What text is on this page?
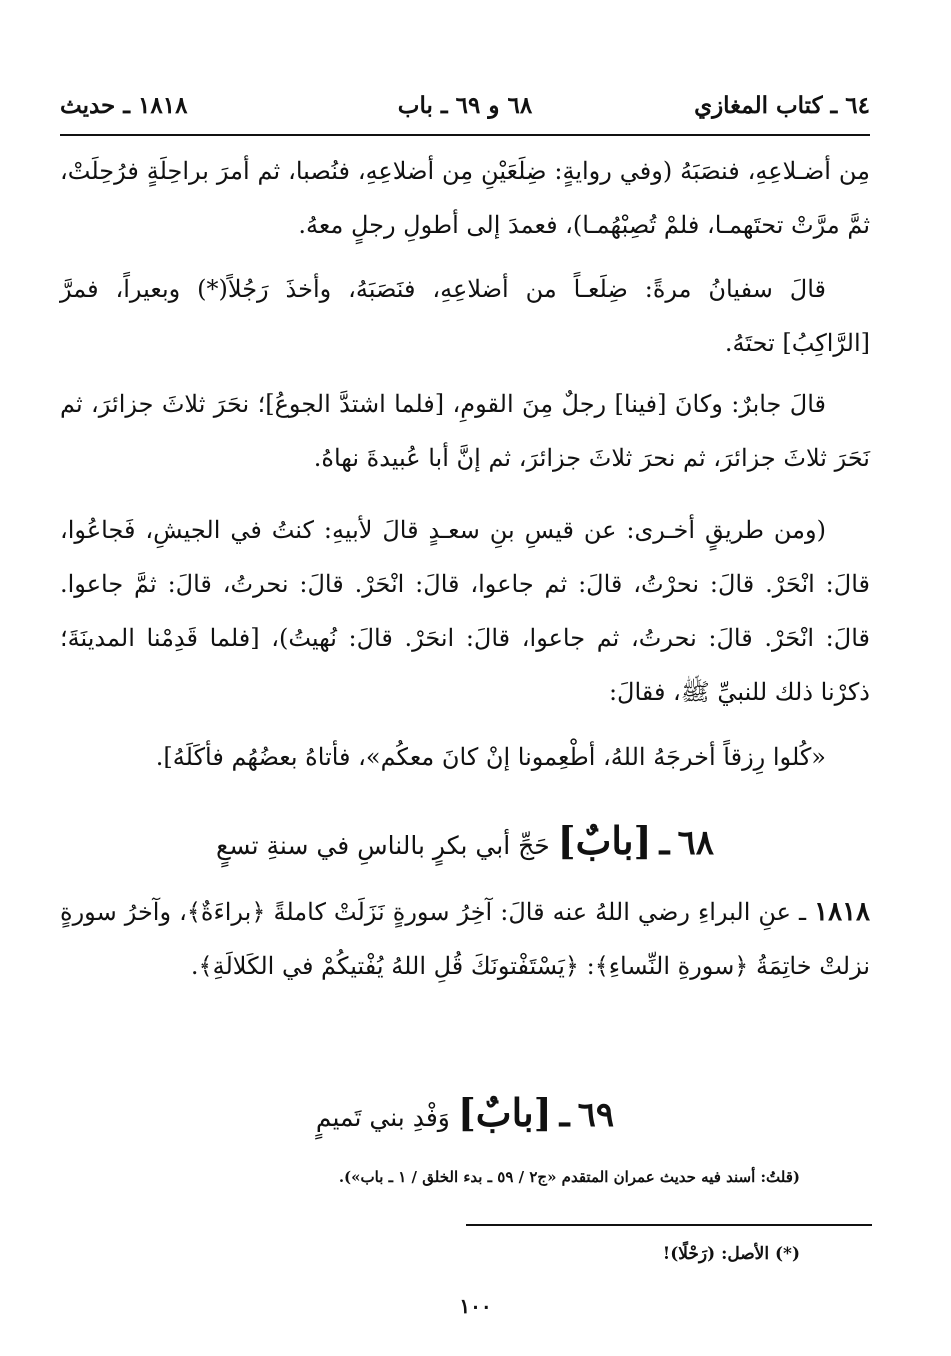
٦٤ ـ كتاب المغازي
٦٨ و ٦٩ ـ باب
١٨١٨ ـ حديث

مِن أضـلاعِهِ، فنصَبَهُ (وفي روايةٍ: ضِلَعَيْنِ مِن أضلاعِهِ، فنُصبا، ثم أمرَ براحِلَةٍ فرُحِلَتْ، ثمَّ مرَّتْ تحتَهمـا، فلمْ تُصِبْهُمـا)، فعمدَ إلى أطولِ رجلٍ معهُ.

قالَ سفيانُ مرةً: ضِلَعـاً من أضلاعِهِ، فنَصَبَهُ، وأخذَ رَجُلاً(*) وبعيراً، فمرَّ [الرَّاكِبُ] تحتَهُ.

قالَ جابرٌ: وكانَ [فينا] رجلٌ مِنَ القومِ، [فلما اشتدَّ الجوعُ]؛ نحَرَ ثلاثَ جزائرَ، ثم نَحَرَ ثلاثَ جزائرَ، ثم نحرَ ثلاثَ جزائرَ، ثم إنَّ أبا عُبيدةَ نهاهُ.

(ومن طريقٍ أخـرى: عن قيسِ بنِ سعـدٍ قالَ لأبيهِ: كنتُ في الجيشِ، فَجاعُوا، قالَ: انْحَرْ. قالَ: نحرْتُ، قالَ: ثم جاعوا، قالَ: انْحَرْ. قالَ: نحرتُ، قالَ: ثمَّ جاعوا. قالَ: انْحَرْ. قالَ: نحرتُ، ثم جاعوا، قالَ: انحَرْ. قالَ: نُهيتُ)، [فلما قَدِمْنا المدينَةَ؛ ذكرْنا ذلك للنبيِّ ﷺ، فقالَ:

«كُلوا رِزقاً أخرجَهُ اللهُ، أطْعِمونا إنْ كانَ معكُم»، فأتاهُ بعضُهُم فأكَلَهُ].

٦٨ ـ [بابٌ] حَجِّ أبي بكرٍ بالناسِ في سنةِ تسعٍ

١٨١٨ ـ عنِ البراءِ رضي اللهُ عنه قالَ: آخِرُ سورةٍ نَزَلَتْ كاملةً ﴿براءَةٌ﴾، وآخرُ سورةٍ نزلتْ خاتِمَةُ ﴿سورةِ النِّساءِ﴾: ﴿يَسْتَفْتونَكَ قُلِ اللهُ يُفْتيكُمْ في الكَلالَةِ﴾.

٦٩ ـ [بابٌ] وَفْدِ بني تَميمٍ
(قلتُ: أسند فيه حديث عمران المتقدم «ج٢ / ٥٩ ـ بدء الخلق / ١ ـ باب»).
(*) الأصل: (رَحْلًا)!
١٠٠
